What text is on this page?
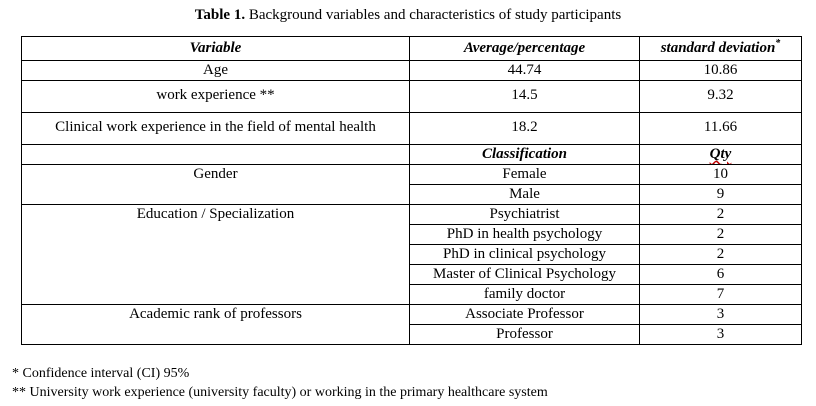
Table 1. Background variables and characteristics of study participants
Variable	Average/percentage	standard deviation*
Age	44.74	10.86
work experience **	14.5	9.32
Clinical work experience in the field of mental health	18.2	11.66
	Classification	Qty
Gender	Female	10
	Male	9
Education / Specialization	Psychiatrist	2
	PhD in health psychology	2
	PhD in clinical psychology	2
	Master of Clinical Psychology	6
	family doctor	7
Academic rank of professors	Associate Professor	3
	Professor	3
* Confidence interval (CI) 95%
** University work experience (university faculty) or working in the primary healthcare system
